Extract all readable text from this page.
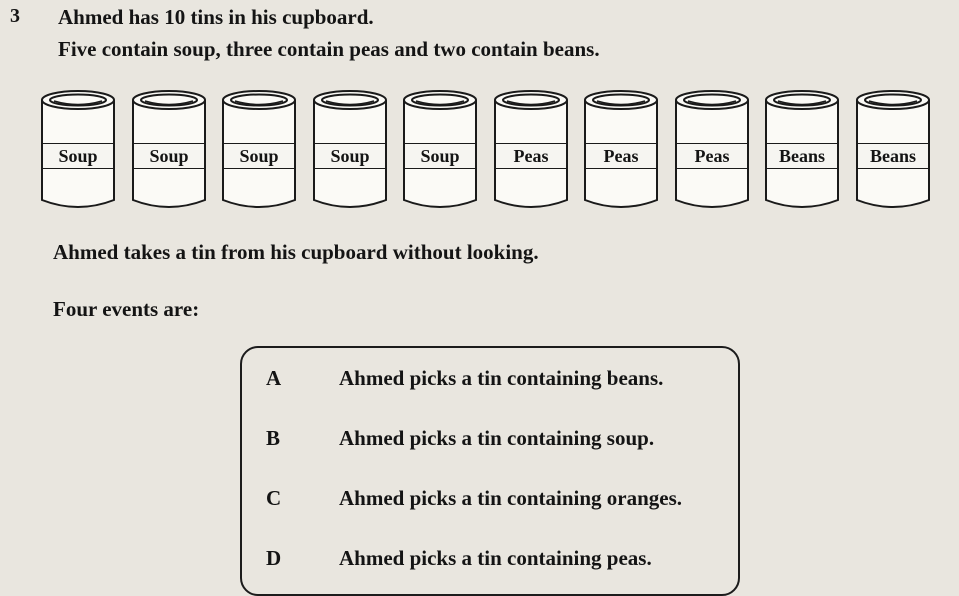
3 Ahmed has 10 tins in his cupboard.
Five contain soup, three contain peas and two contain beans.
Soup	Soup	Soup	Soup	Soup	Peas	Peas	Peas	Beans	Beans
Ahmed takes a tin from his cupboard without looking.
Four events are:
A	Ahmed picks a tin containing beans.
B	Ahmed picks a tin containing soup.
C	Ahmed picks a tin containing oranges.
D	Ahmed picks a tin containing peas.
